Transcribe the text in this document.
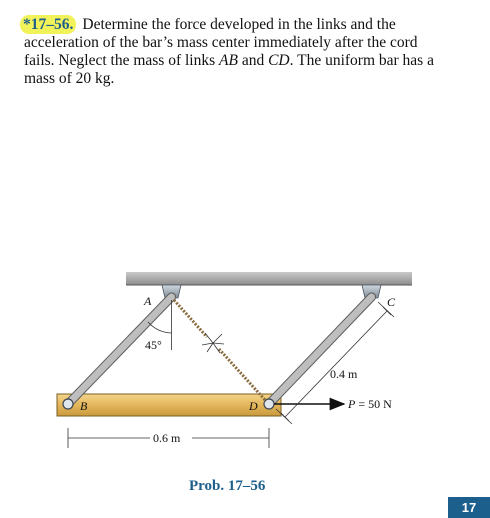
*17–56. Determine the force developed in the links and the acceleration of the bar’s mass center immediately after the cord fails. Neglect the mass of links AB and CD. The uniform bar has a mass of 20 kg.
A
B
C
D
45°
0.4 m
0.6 m
P = 50 N
Prob. 17–56
17
